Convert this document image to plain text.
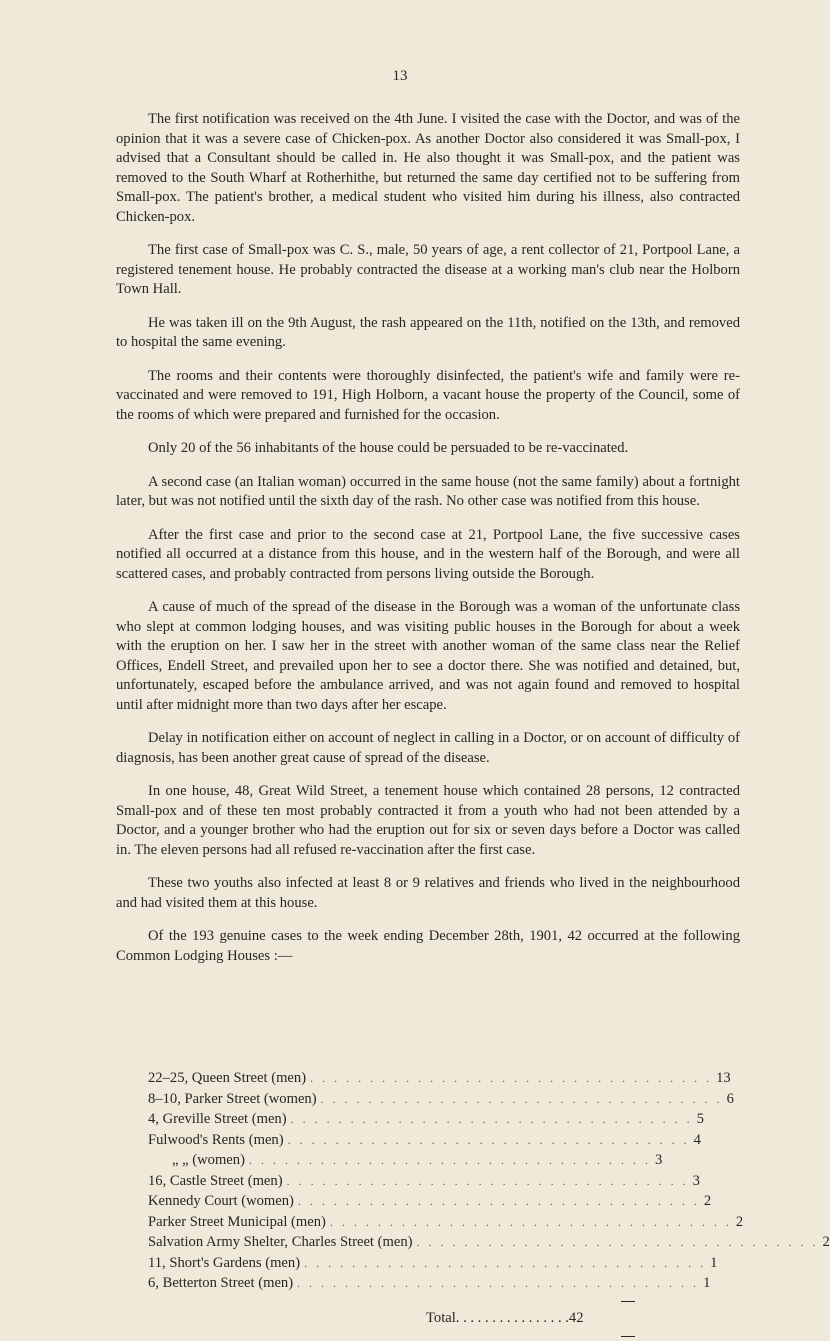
13

The first notification was received on the 4th June. I visited the case with the Doctor, and was of the opinion that it was a severe case of Chicken-pox. As another Doctor also considered it was Small-pox, I advised that a Consultant should be called in. He also thought it was Small-pox, and the patient was removed to the South Wharf at Rotherhithe, but returned the same day certified not to be suffering from Small-pox. The patient's brother, a medical student who visited him during his illness, also contracted Chicken-pox.

The first case of Small-pox was C. S., male, 50 years of age, a rent collector of 21, Portpool Lane, a registered tenement house. He probably contracted the disease at a working man's club near the Holborn Town Hall.

He was taken ill on the 9th August, the rash appeared on the 11th, notified on the 13th, and removed to hospital the same evening.

The rooms and their contents were thoroughly disinfected, the patient's wife and family were re-vaccinated and were removed to 191, High Holborn, a vacant house the property of the Council, some of the rooms of which were prepared and furnished for the occasion.

Only 20 of the 56 inhabitants of the house could be persuaded to be re-vaccinated.

A second case (an Italian woman) occurred in the same house (not the same family) about a fortnight later, but was not notified until the sixth day of the rash. No other case was notified from this house.

After the first case and prior to the second case at 21, Portpool Lane, the five successive cases notified all occurred at a distance from this house, and in the western half of the Borough, and were all scattered cases, and probably contracted from persons living outside the Borough.

A cause of much of the spread of the disease in the Borough was a woman of the unfortunate class who slept at common lodging houses, and was visiting public houses in the Borough for about a week with the eruption on her. I saw her in the street with another woman of the same class near the Relief Offices, Endell Street, and prevailed upon her to see a doctor there. She was notified and detained, but, unfortunately, escaped before the ambulance arrived, and was not again found and removed to hospital until after midnight more than two days after her escape.

Delay in notification either on account of neglect in calling in a Doctor, or on account of difficulty of diagnosis, has been another great cause of spread of the disease.

In one house, 48, Great Wild Street, a tenement house which contained 28 persons, 12 contracted Small-pox and of these ten most probably contracted it from a youth who had not been attended by a Doctor, and a younger brother who had the eruption out for six or seven days before a Doctor was called in. The eleven persons had all refused re-vaccination after the first case.

These two youths also infected at least 8 or 9 relatives and friends who lived in the neighbourhood and had visited them at this house.

Of the 193 genuine cases to the week ending December 28th, 1901, 42 occurred at the following Common Lodging Houses :—

22–25, Queen Street (men) . . . . . . . . . . . . . . . . . . . . . . . . . . . . . . . . . . 13
8–10, Parker Street (women) . . . . . . . . . . . . . . . . . . . . . . . . . . . . . . . . . . 6
4, Greville Street (men) . . . . . . . . . . . . . . . . . . . . . . . . . . . . . . . . . . 5
Fulwood's Rents (men) . . . . . . . . . . . . . . . . . . . . . . . . . . . . . . . . . . 4
„ „ (women) . . . . . . . . . . . . . . . . . . . . . . . . . . . . . . . . . . 3
16, Castle Street (men) . . . . . . . . . . . . . . . . . . . . . . . . . . . . . . . . . . 3
Kennedy Court (women) . . . . . . . . . . . . . . . . . . . . . . . . . . . . . . . . . . 2
Parker Street Municipal (men) . . . . . . . . . . . . . . . . . . . . . . . . . . . . . . . . . . 2
Salvation Army Shelter, Charles Street (men) . . . . . . . . . . . . . . . . . . . . . . . . . . . . . . . . . . 2
11, Short's Gardens (men) . . . . . . . . . . . . . . . . . . . . . . . . . . . . . . . . . . 1
6, Betterton Street (men) . . . . . . . . . . . . . . . . . . . . . . . . . . . . . . . . . . 1
Total . . . . . . . . . . . . . . . . 42
